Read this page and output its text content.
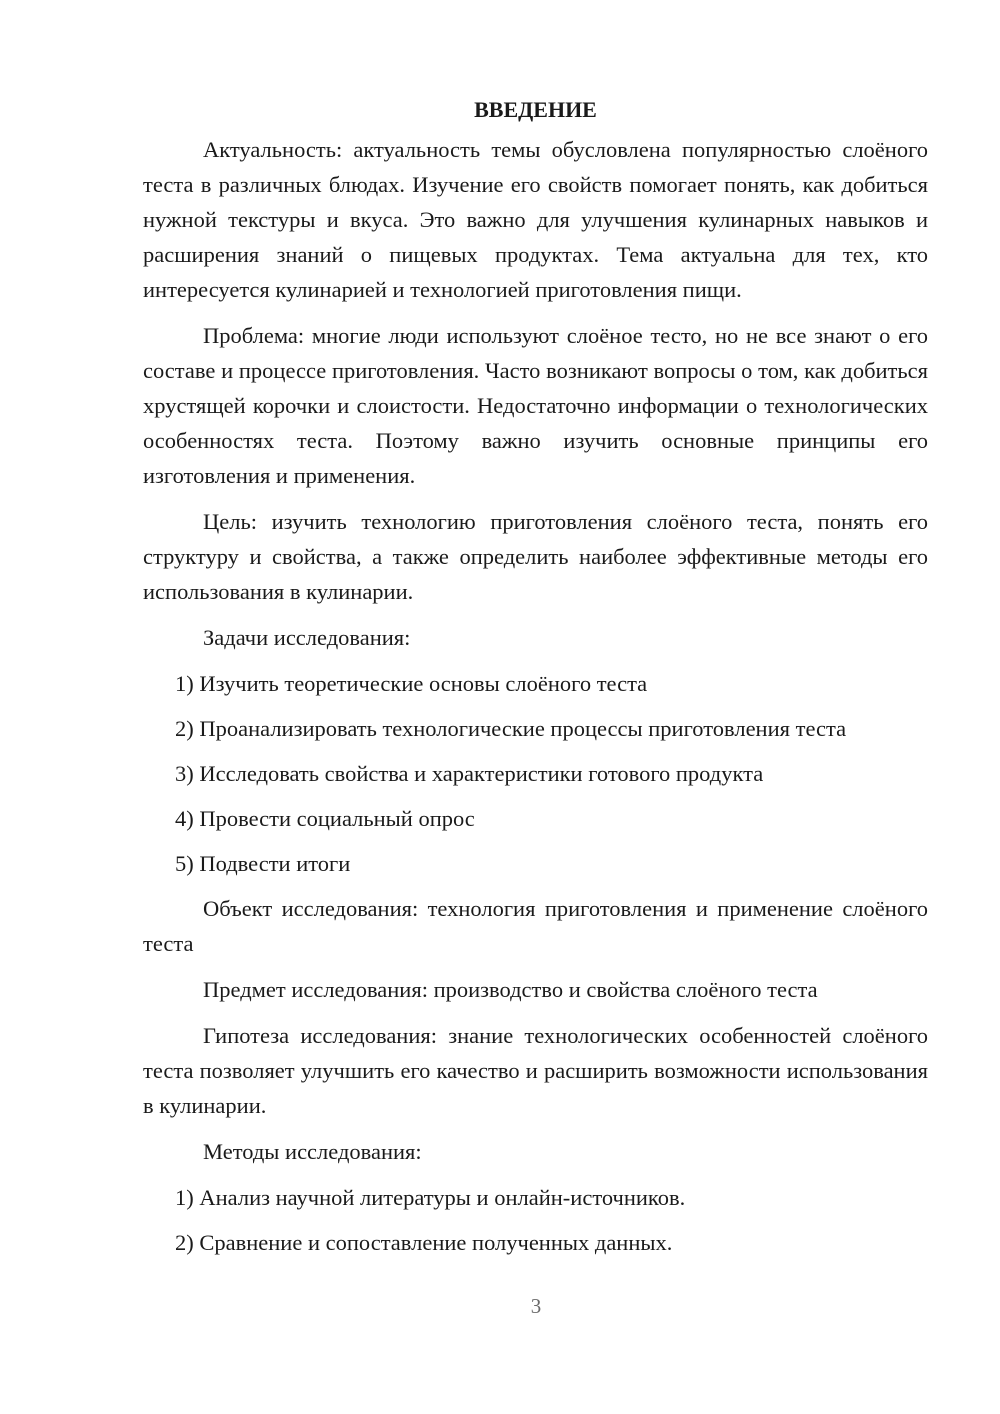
ВВЕДЕНИЕ

Актуальность: актуальность темы обусловлена популярностью слоёного теста в различных блюдах. Изучение его свойств помогает понять, как добиться нужной текстуры и вкуса. Это важно для улучшения кулинарных навыков и расширения знаний о пищевых продуктах. Тема актуальна для тех, кто интересуется кулинарией и технологией приготовления пищи.

Проблема: многие люди используют слоёное тесто, но не все знают о его составе и процессе приготовления. Часто возникают вопросы о том, как добиться хрустящей корочки и слоистости. Недостаточно информации о технологических особенностях теста. Поэтому важно изучить основные принципы его изготовления и применения.

Цель: изучить технологию приготовления слоёного теста, понять его структуру и свойства, а также определить наиболее эффективные методы его использования в кулинарии.

Задачи исследования:

1) Изучить теоретические основы слоёного теста
2) Проанализировать технологические процессы приготовления теста
3) Исследовать свойства и характеристики готового продукта
4) Провести социальный опрос
5) Подвести итоги

Объект исследования: технология приготовления и применение слоёного теста

Предмет исследования: производство и свойства слоёного теста

Гипотеза исследования: знание технологических особенностей слоёного теста позволяет улучшить его качество и расширить возможности использования в кулинарии.

Методы исследования:

1) Анализ научной литературы и онлайн-источников.
2) Сравнение и сопоставление полученных данных.
3
